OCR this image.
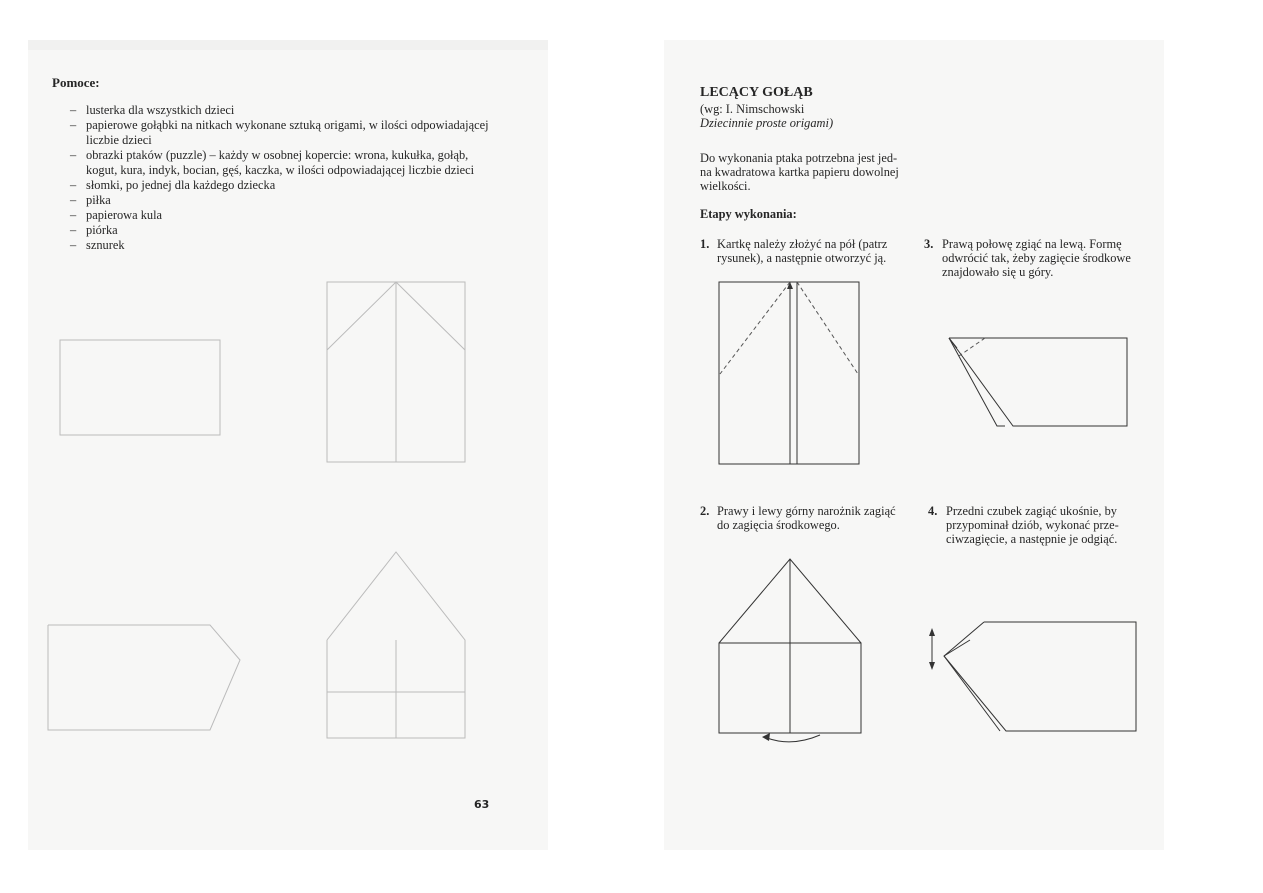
Pomoce:

– lusterka dla wszystkich dzieci
– papierowe gołąbki na nitkach wykonane sztuką origami, w ilości odpowiadającej liczbie dzieci
– obrazki ptaków (puzzle) – każdy w osobnej kopercie: wrona, kukułka, gołąb, kogut, kura, indyk, bocian, gęś, kaczka, w ilości odpowiadającej liczbie dzieci
– słomki, po jednej dla każdego dziecka
– piłka
– papierowa kula
– piórka
– sznurek

63

LECĄCY GOŁĄB

(wg: I. Nimschowski

Dziecinnie proste origami)

Do wykonania ptaka potrzebna jest jed-

na kwadratowa kartka papieru dowolnej

wielkości.

Etapy wykonania:

1. Kartkę należy złożyć na pół (patrz

rysunek), a następnie otworzyć ją.

3. Prawą połowę zgiąć na lewą. Formę

odwrócić tak, żeby zagięcie środkowe

znajdowało się u góry.

2. Prawy i lewy górny narożnik zagiąć

do zagięcia środkowego.

4. Przedni czubek zagiąć ukośnie, by

przypominał dziób, wykonać prze-

ciwzagięcie, a następnie je odgiąć.
